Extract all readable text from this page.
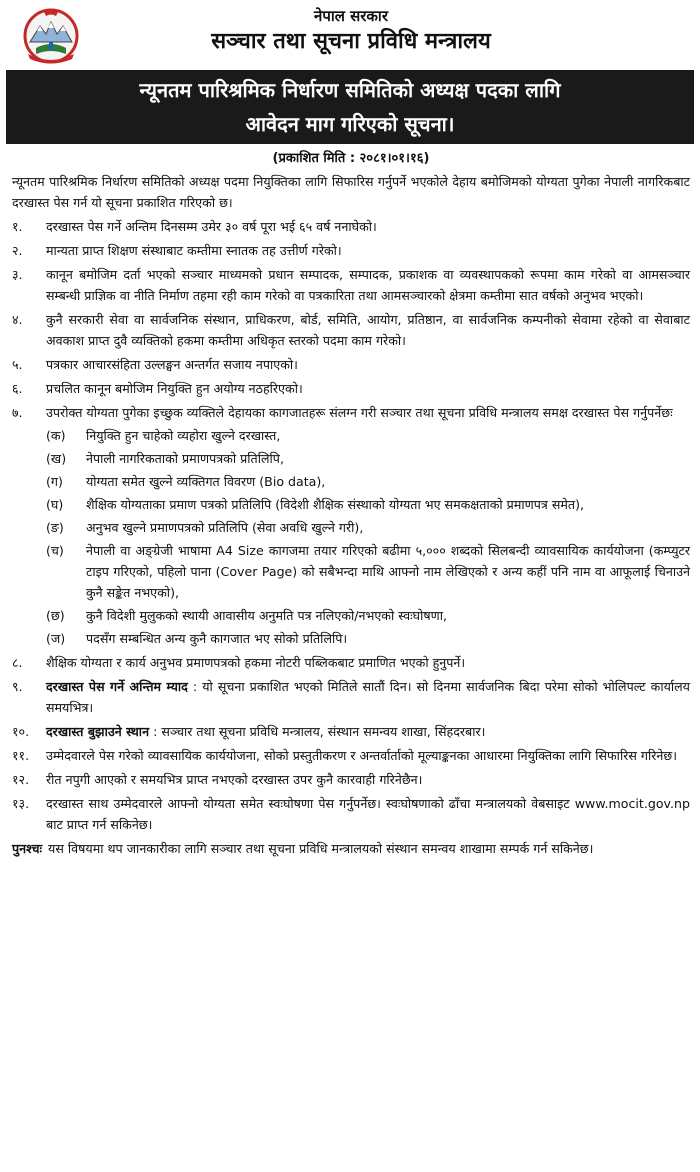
नेपाल सरकार
सञ्चार तथा सूचना प्रविधि मन्त्रालय
न्यूनतम पारिश्रमिक निर्धारण समितिको अध्यक्ष पदका लागि
आवेदन माग गरिएको सूचना।
(प्रकाशित मिति : २०८१।०१।१६)

न्यूनतम पारिश्रमिक निर्धारण समितिको अध्यक्ष पदमा नियुक्तिका लागि सिफारिस गर्नुपर्ने भएकोले देहाय बमोजिमको योग्यता पुगेका नेपाली नागरिकबाट दरखास्त पेस गर्न यो सूचना प्रकाशित गरिएको छ।

१.	दरखास्त पेस गर्ने अन्तिम दिनसम्म उमेर ३० वर्ष पूरा भई ६५ वर्ष ननाघेको।
२.	मान्यता प्राप्त शिक्षण संस्थाबाट कम्तीमा स्नातक तह उत्तीर्ण गरेको।
३.	कानून बमोजिम दर्ता भएको सञ्चार माध्यमको प्रधान सम्पादक, सम्पादक, प्रकाशक वा व्यवस्थापकको रूपमा काम गरेको वा आमसञ्चार सम्बन्धी प्राज्ञिक वा नीति निर्माण तहमा रही काम गरेको वा पत्रकारिता तथा आमसञ्चारको क्षेत्रमा कम्तीमा सात वर्षको अनुभव भएको।
४.	कुनै सरकारी सेवा वा सार्वजनिक संस्थान, प्राधिकरण, बोर्ड, समिति, आयोग, प्रतिष्ठान, वा सार्वजनिक कम्पनीको सेवामा रहेको वा सेवाबाट अवकाश प्राप्त दुवै व्यक्तिको हकमा कम्तीमा अधिकृत स्तरको पदमा काम गरेको।
५.	पत्रकार आचारसंहिता उल्लङ्घन अन्तर्गत सजाय नपाएको।
६.	प्रचलित कानून बमोजिम नियुक्ति हुन अयोग्य नठहरिएको।
७.	उपरोक्त योग्यता पुगेका इच्छुक व्यक्तिले देहायका कागजातहरू संलग्न गरी सञ्चार तथा सूचना प्रविधि मन्त्रालय समक्ष दरखास्त पेस गर्नुपर्नेछः
(क)	नियुक्ति हुन चाहेको व्यहोरा खुल्ने दरखास्त,
(ख)	नेपाली नागरिकताको प्रमाणपत्रको प्रतिलिपि,
(ग)	योग्यता समेत खुल्ने व्यक्तिगत विवरण (Bio data),
(घ)	शैक्षिक योग्यताका प्रमाण पत्रको प्रतिलिपि (विदेशी शैक्षिक संस्थाको योग्यता भए समकक्षताको प्रमाणपत्र समेत),
(ङ)	अनुभव खुल्ने प्रमाणपत्रको प्रतिलिपि (सेवा अवधि खुल्ने गरी),
(च)	नेपाली वा अङ्ग्रेजी भाषामा A4 Size कागजमा तयार गरिएको बढीमा ५,००० शब्दको सिलबन्दी व्यावसायिक कार्ययोजना (कम्प्युटर टाइप गरिएको, पहिलो पाना (Cover Page) को सबैभन्दा माथि आफ्नो नाम लेखिएको र अन्य कहीं पनि नाम वा आफूलाई चिनाउने कुनै सङ्केत नभएको),
(छ)	कुनै विदेशी मुलुकको स्थायी आवासीय अनुमति पत्र नलिएको/नभएको स्वःघोषणा,
(ज)	पदसँग सम्बन्धित अन्य कुनै कागजात भए सोको प्रतिलिपि।
८.	शैक्षिक योग्यता र कार्य अनुभव प्रमाणपत्रको हकमा नोटरी पब्लिकबाट प्रमाणित भएको हुनुपर्ने।
९.	दरखास्त पेस गर्ने अन्तिम म्याद : यो सूचना प्रकाशित भएको मितिले सातौं दिन। सो दिनमा सार्वजनिक बिदा परेमा सोको भोलिपल्ट कार्यालय समयभित्र।
१०.	दरखास्त बुझाउने स्थान : सञ्चार तथा सूचना प्रविधि मन्त्रालय, संस्थान समन्वय शाखा, सिंहदरबार।
११.	उम्मेदवारले पेस गरेको व्यावसायिक कार्ययोजना, सोको प्रस्तुतीकरण र अन्तर्वार्ताको मूल्याङ्कनका आधारमा नियुक्तिका लागि सिफारिस गरिनेछ।
१२.	रीत नपुगी आएको र समयभित्र प्राप्त नभएको दरखास्त उपर कुनै कारवाही गरिनेछैन।
१३.	दरखास्त साथ उम्मेदवारले आफ्नो योग्यता समेत स्वःघोषणा पेस गर्नुपर्नेछ। स्वःघोषणाको ढाँचा मन्त्रालयको वेबसाइट www.mocit.gov.np बाट प्राप्त गर्न सकिनेछ।
पुनश्चः यस विषयमा थप जानकारीका लागि सञ्चार तथा सूचना प्रविधि मन्त्रालयको संस्थान समन्वय शाखामा सम्पर्क गर्न सकिनेछ।
